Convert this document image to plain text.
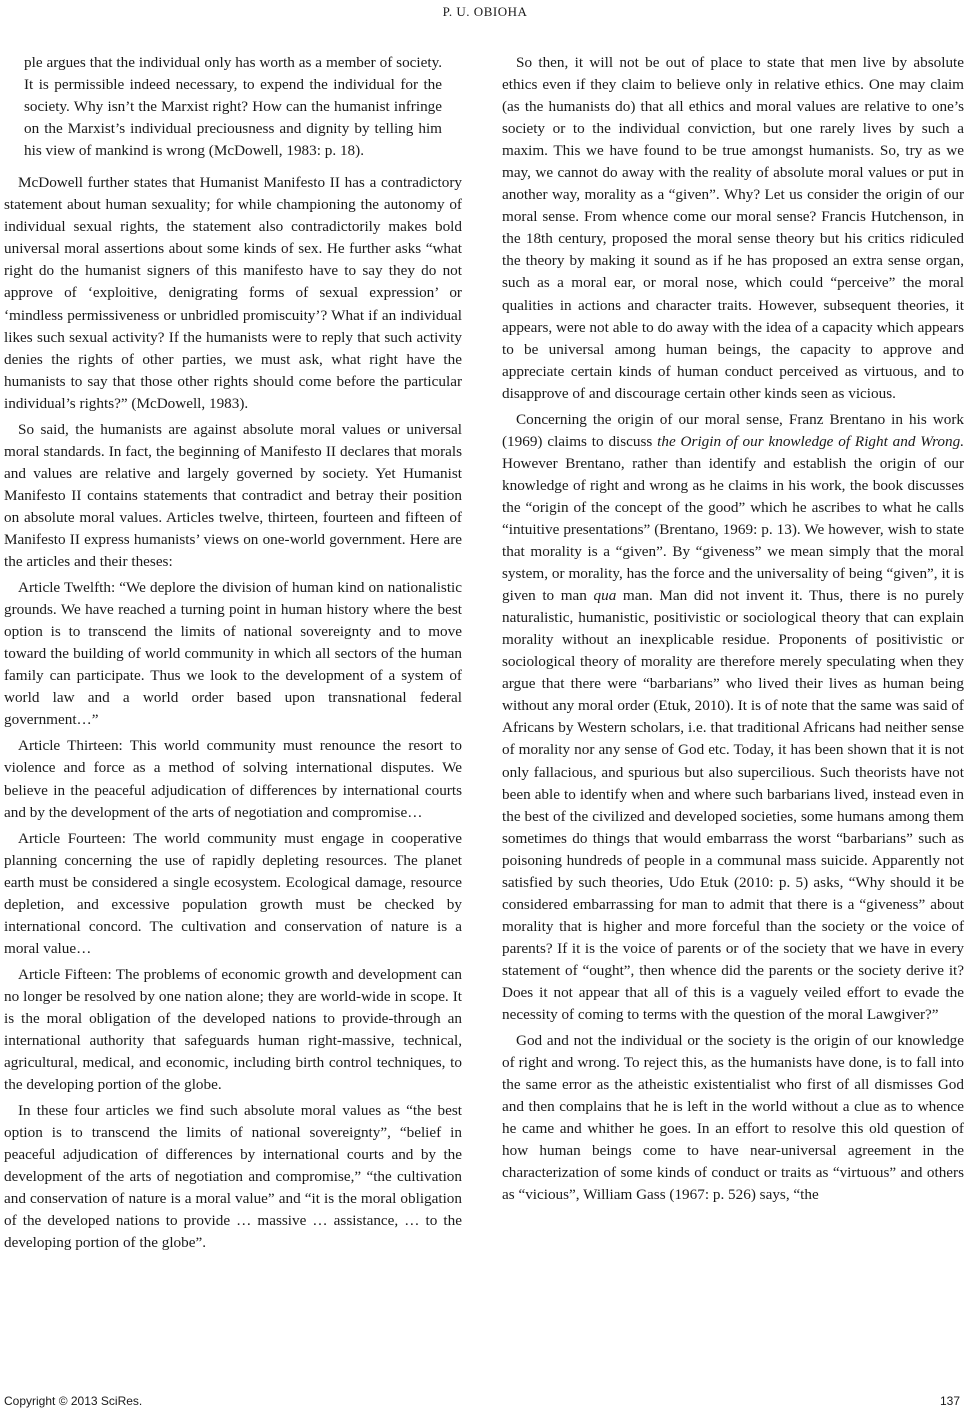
P. U. OBIOHA

ple argues that the individual only has worth as a member of society. It is permissible indeed necessary, to expend the individual for the society. Why isn’t the Marxist right? How can the humanist infringe on the Marxist’s individual preciousness and dignity by telling him his view of mankind is wrong (McDowell, 1983: p. 18).

McDowell further states that Humanist Manifesto II has a contradictory statement about human sexuality; for while championing the autonomy of individual sexual rights, the statement also contradictorily makes bold universal moral assertions about some kinds of sex. He further asks “what right do the humanist signers of this manifesto have to say they do not approve of ‘exploitive, denigrating forms of sexual expression’ or ‘mindless permissiveness or unbridled promiscuity’? What if an individual likes such sexual activity? If the humanists were to reply that such activity denies the rights of other parties, we must ask, what right have the humanists to say that those other rights should come before the particular individual’s rights?” (McDowell, 1983).

So said, the humanists are against absolute moral values or universal moral standards. In fact, the beginning of Manifesto II declares that morals and values are relative and largely governed by society. Yet Humanist Manifesto II contains statements that contradict and betray their position on absolute moral values. Articles twelve, thirteen, fourteen and fifteen of Manifesto II express humanists’ views on one-world government. Here are the articles and their theses:

Article Twelfth: “We deplore the division of human kind on nationalistic grounds. We have reached a turning point in human history where the best option is to transcend the limits of national sovereignty and to move toward the building of world community in which all sectors of the human family can participate. Thus we look to the development of a system of world law and a world order based upon transnational federal government…”

Article Thirteen: This world community must renounce the resort to violence and force as a method of solving international disputes. We believe in the peaceful adjudication of differences by international courts and by the development of the arts of negotiation and compromise…

Article Fourteen: The world community must engage in cooperative planning concerning the use of rapidly depleting resources. The planet earth must be considered a single ecosystem. Ecological damage, resource depletion, and excessive population growth must be checked by international concord. The cultivation and conservation of nature is a moral value…

Article Fifteen: The problems of economic growth and development can no longer be resolved by one nation alone; they are world-wide in scope. It is the moral obligation of the developed nations to provide-through an international authority that safeguards human right-massive, technical, agricultural, medical, and economic, including birth control techniques, to the developing portion of the globe.

In these four articles we find such absolute moral values as “the best option is to transcend the limits of national sovereignty”, “belief in peaceful adjudication of differences by international courts and by the development of the arts of negotiation and compromise,” “the cultivation and conservation of nature is a moral value” and “it is the moral obligation of the developed nations to provide … massive … assistance, … to the developing portion of the globe”.

So then, it will not be out of place to state that men live by absolute ethics even if they claim to believe only in relative ethics. One may claim (as the humanists do) that all ethics and moral values are relative to one’s society or to the individual conviction, but one rarely lives by such a maxim. This we have found to be true amongst humanists. So, try as we may, we cannot do away with the reality of absolute moral values or put in another way, morality as a “given”. Why? Let us consider the origin of our moral sense. From whence come our moral sense? Francis Hutchenson, in the 18th century, proposed the moral sense theory but his critics ridiculed the theory by making it sound as if he has proposed an extra sense organ, such as a moral ear, or moral nose, which could “perceive” the moral qualities in actions and character traits. However, subsequent theories, it appears, were not able to do away with the idea of a capacity which appears to be universal among human beings, the capacity to approve and appreciate certain kinds of human conduct perceived as virtuous, and to disapprove of and discourage certain other kinds seen as vicious.

Concerning the origin of our moral sense, Franz Brentano in his work (1969) claims to discuss the Origin of our knowledge of Right and Wrong. However Brentano, rather than identify and establish the origin of our knowledge of right and wrong as he claims in his work, the book discusses the “origin of the concept of the good” which he ascribes to what he calls “intuitive presentations” (Brentano, 1969: p. 13). We however, wish to state that morality is a “given”. By “giveness” we mean simply that the moral system, or morality, has the force and the universality of being “given”, it is given to man qua man. Man did not invent it. Thus, there is no purely naturalistic, humanistic, positivistic or sociological theory that can explain morality without an inexplicable residue. Proponents of positivistic or sociological theory of morality are therefore merely speculating when they argue that there were “barbarians” who lived their lives as human being without any moral order (Etuk, 2010). It is of note that the same was said of Africans by Western scholars, i.e. that traditional Africans had neither sense of morality nor any sense of God etc. Today, it has been shown that it is not only fallacious, and spurious but also supercilious. Such theorists have not been able to identify when and where such barbarians lived, instead even in the best of the civilized and developed societies, some humans among them sometimes do things that would embarrass the worst “barbarians” such as poisoning hundreds of people in a communal mass suicide. Apparently not satisfied by such theories, Udo Etuk (2010: p. 5) asks, “Why should it be considered embarrassing for man to admit that there is a “giveness” about morality that is higher and more forceful than the society or the voice of parents? If it is the voice of parents or of the society that we have in every statement of “ought”, then whence did the parents or the society derive it? Does it not appear that all of this is a vaguely veiled effort to evade the necessity of coming to terms with the question of the moral Lawgiver?”

God and not the individual or the society is the origin of our knowledge of right and wrong. To reject this, as the humanists have done, is to fall into the same error as the atheistic existentialist who first of all dismisses God and then complains that he is left in the world without a clue as to whence he came and whither he goes. In an effort to resolve this old question of how human beings come to have near-universal agreement in the characterization of some kinds of conduct or traits as “virtuous” and others as “vicious”, William Gass (1967: p. 526) says, “the

Copyright © 2013 SciRes.	137
